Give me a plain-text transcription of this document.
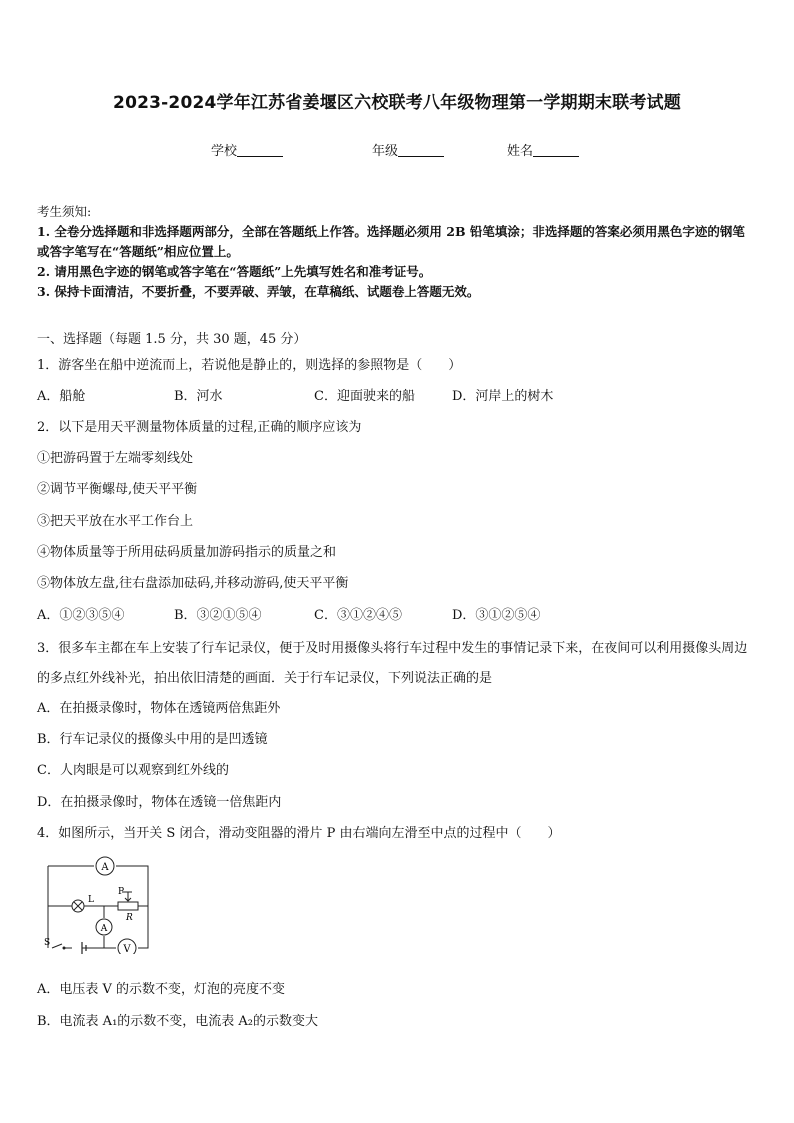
2023-2024学年江苏省姜堰区六校联考八年级物理第一学期期末联考试题
学校	年级	姓名
考生须知:
1. 全卷分选择题和非选择题两部分，全部在答题纸上作答。选择题必须用 2B 铅笔填涂；非选择题的答案必须用黑色字迹的钢笔或答字笔写在“答题纸”相应位置上。
2. 请用黑色字迹的钢笔或答字笔在“答题纸”上先填写姓名和准考证号。
3. 保持卡面清洁，不要折叠，不要弄破、弄皱，在草稿纸、试题卷上答题无效。
一、选择题（每题 1.5 分，共 30 题，45 分）
1．游客坐在船中逆流而上，若说他是静止的，则选择的参照物是（　　）
A．船舱	B．河水	C．迎面驶来的船	D．河岸上的树木
2．以下是用天平测量物体质量的过程,正确的顺序应该为
①把游码置于左端零刻线处
②调节平衡螺母,使天平平衡
③把天平放在水平工作台上
④物体质量等于所用砝码质量加游码指示的质量之和
⑤物体放左盘,往右盘添加砝码,并移动游码,使天平平衡
A．①②③⑤④	B．③②①⑤④	C．③①②④⑤	D．③①②⑤④
3．很多车主都在车上安装了行车记录仪，便于及时用摄像头将行车过程中发生的事情记录下来，在夜间可以利用摄像头周边的多点红外线补光，拍出依旧清楚的画面．关于行车记录仪，下列说法正确的是
A．在拍摄录像时，物体在透镜两倍焦距外
B．行车记录仪的摄像头中用的是凹透镜
C．人肉眼是可以观察到红外线的
D．在拍摄录像时，物体在透镜一倍焦距内
4．如图所示，当开关 S 闭合，滑动变阻器的滑片 P 由右端向左滑至中点的过程中（　　）
A
L
P
R
A
S
V
A．电压表 V 的示数不变，灯泡的亮度不变
B．电流表 A₁的示数不变，电流表 A₂的示数变大
